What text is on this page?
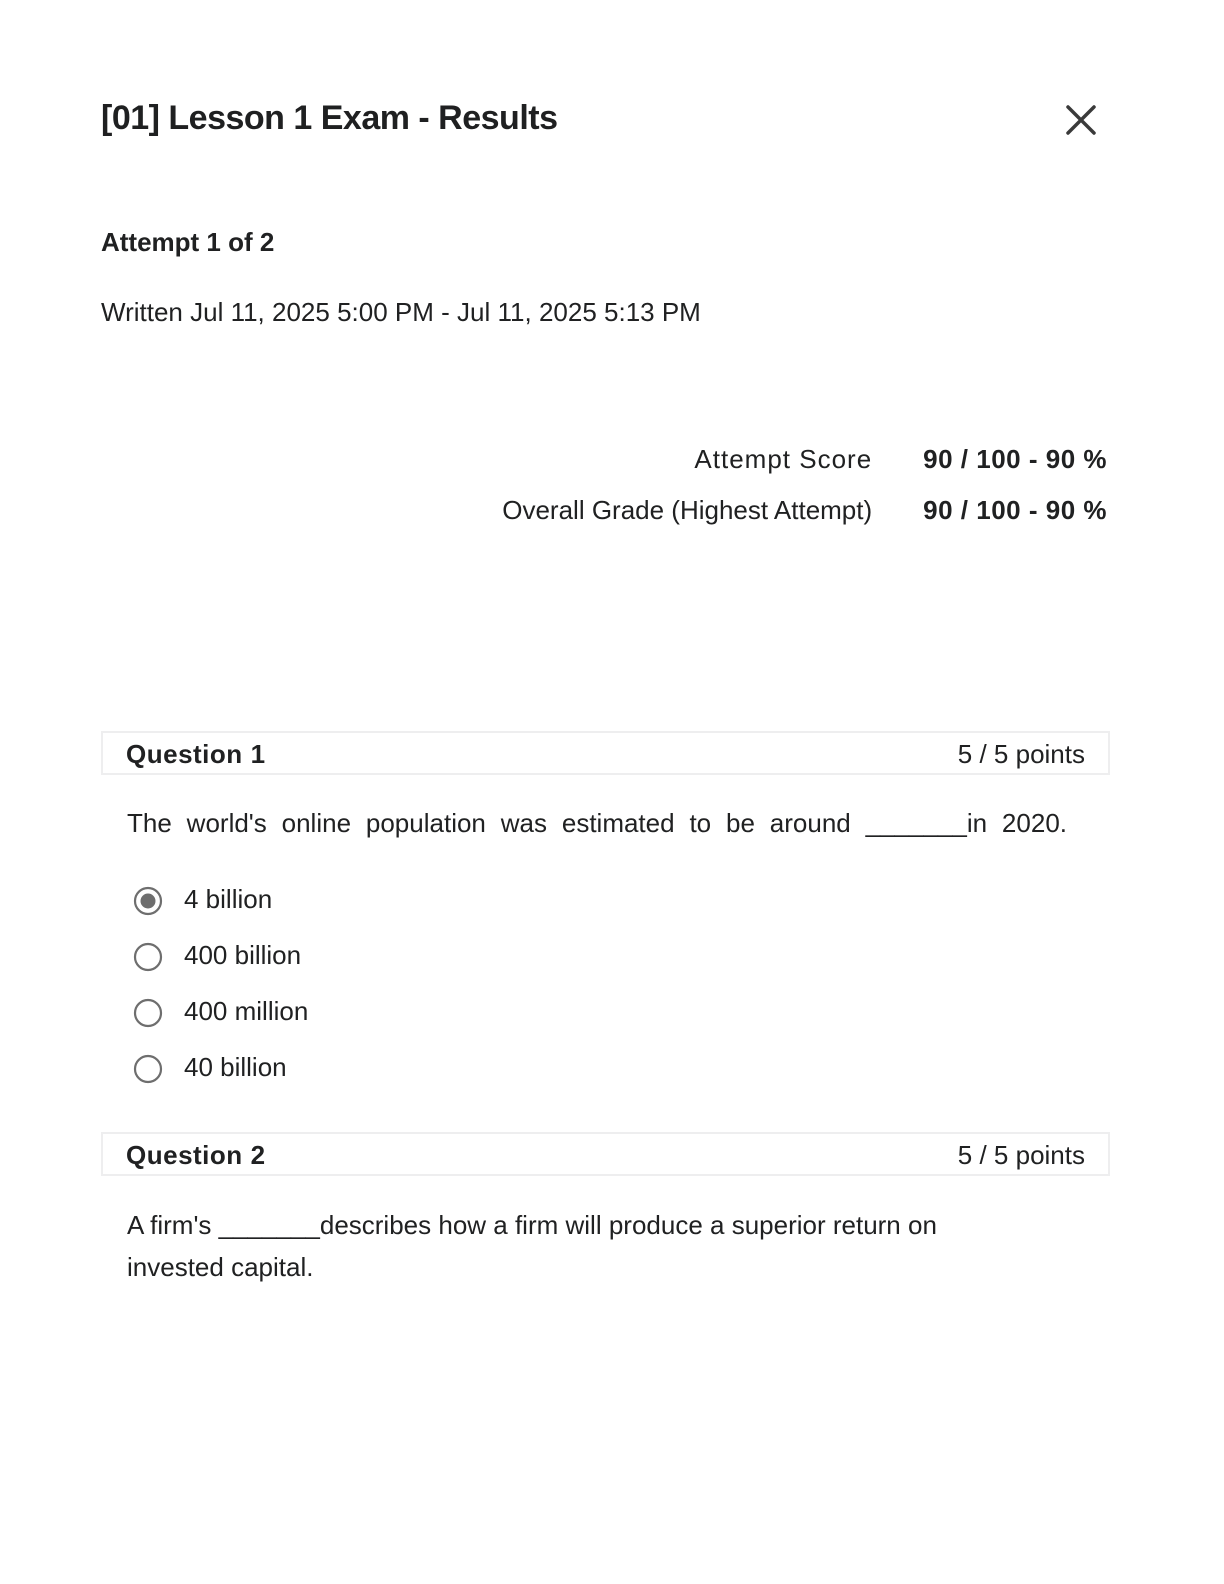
[01] Lesson 1 Exam - Results
Attempt 1 of 2
Written Jul 11, 2025 5:00 PM - Jul 11, 2025 5:13 PM
Attempt Score	90 / 100 - 90 %
Overall Grade (Highest Attempt)	90 / 100 - 90 %
Question 1	5 / 5 points
The world's online population was estimated to be around _______in 2020.
4 billion
400 billion
400 million
40 billion
Question 2	5 / 5 points
A firm's _______describes how a firm will produce a superior return on invested capital.
